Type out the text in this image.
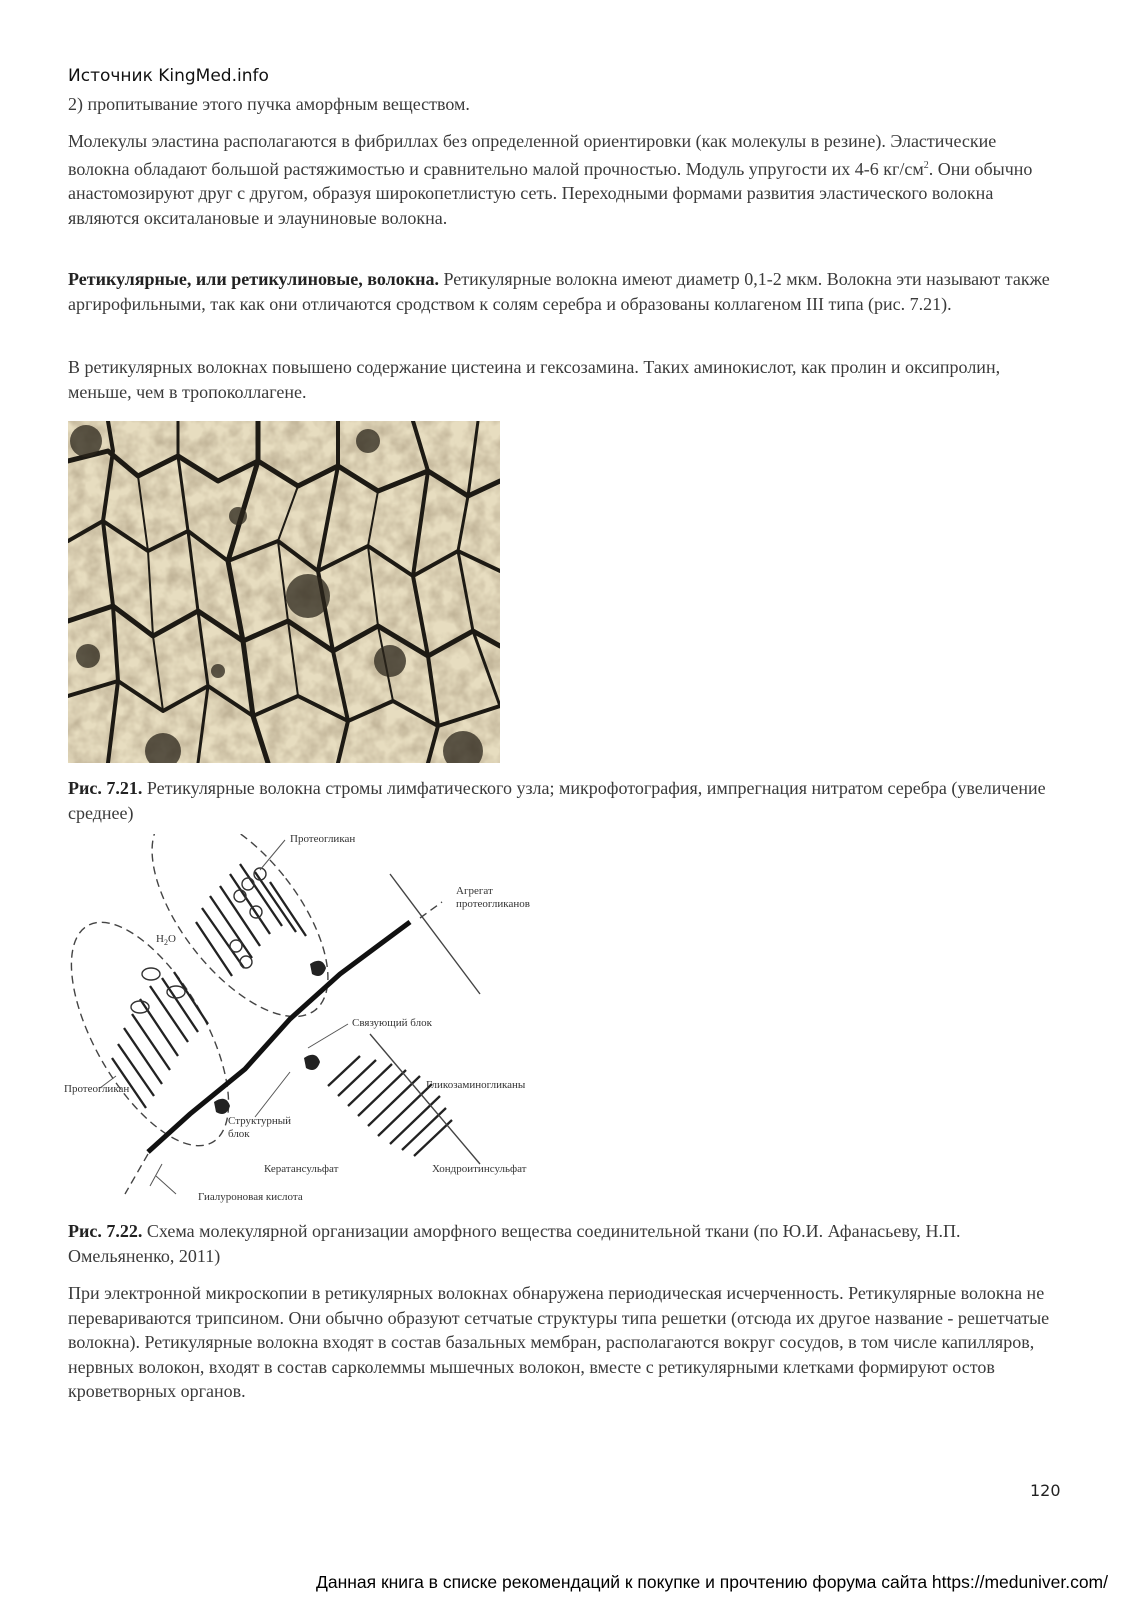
Источник KingMed.info

2) пропитывание этого пучка аморфным веществом.

Молекулы эластина располагаются в фибриллах без определенной ориентировки (как молекулы в резине). Эластические волокна обладают большой растяжимостью и сравнительно малой прочностью. Модуль упругости их 4-6 $кг/см^2$. Они обычно анастомозируют друг с другом, образуя широкопетлистую сеть. Переходными формами развития эластического волокна являются окситалановые и элауниновые волокна.

Ретикулярные, или ретикулиновые, волокна. Ретикулярные волокна имеют диаметр 0,1-2 мкм. Волокна эти называют также аргирофильными, так как они отличаются сродством к солям серебра и образованы коллагеном III типа (рис. 7.21).

В ретикулярных волокнах повышено содержание цистеина и гексозамина. Таких аминокислот, как пролин и оксипролин, меньше, чем в тропоколлагене.

Рис. 7.21. Ретикулярные волокна стромы лимфатического узла; микрофотография, импрегнация нитратом серебра (увеличение среднее)

Протеогликан
Агрегат
протеогликанов
$H_2O$
Связующий блок
Протеогликан	Гликозаминогликаны
Структурный
блок
Кератансульфат	Хондроитинсульфат
Гиалуроновая кислота

Рис. 7.22. Схема молекулярной организации аморфного вещества соединительной ткани (по Ю.И. Афанасьеву, Н.П. Омельяненко, 2011)

При электронной микроскопии в ретикулярных волокнах обнаружена периодическая исчерченность. Ретикулярные волокна не перевариваются трипсином. Они обычно образуют сетчатые структуры типа решетки (отсюда их другое название - решетчатые волокна). Ретикулярные волокна входят в состав базальных мембран, располагаются вокруг сосудов, в том числе капилляров, нервных волокон, входят в состав сарколеммы мышечных волокон, вместе с ретикулярными клетками формируют остов кроветворных органов.

120
Данная книга в списке рекомендаций к покупке и прочтению форума сайта https://meduniver.com/
